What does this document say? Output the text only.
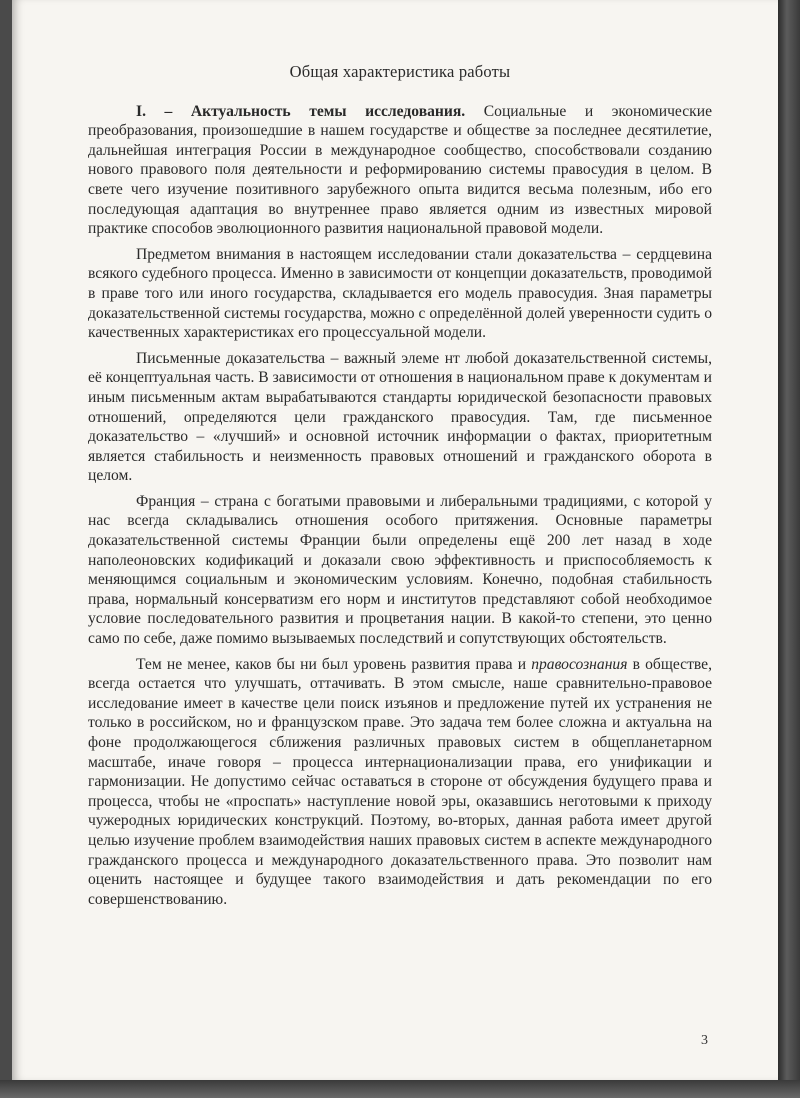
Общая характеристика работы

I. – Актуальность темы исследования. Социальные и экономические преобразования, произошедшие в нашем государстве и обществе за последнее десятилетие, дальнейшая интеграция России в международное сообщество, способствовали созданию нового правового поля деятельности и реформированию системы правосудия в целом. В свете чего изучение позитивного зарубежного опыта видится весьма полезным, ибо его последующая адаптация во внутреннее право является одним из известных мировой практике способов эволюционного развития национальной правовой модели.

Предметом внимания в настоящем исследовании стали доказательства – сердцевина всякого судебного процесса. Именно в зависимости от концепции доказательств, проводимой в праве того или иного государства, складывается его модель правосудия. Зная параметры доказательственной системы государства, можно с определённой долей уверенности судить о качественных характеристиках его процессуальной модели.

Письменные доказательства – важный элеме нт любой доказательственной системы, её концептуальная часть. В зависимости от отношения в национальном праве к документам и иным письменным актам вырабатываются стандарты юридической безопасности правовых отношений, определяются цели гражданского правосудия. Там, где письменное доказательство – «лучший» и основной источник информации о фактах, приоритетным является стабильность и неизменность правовых отношений и гражданского оборота в целом.

Франция – страна с богатыми правовыми и либеральными традициями, с которой у нас всегда складывались отношения особого притяжения. Основные параметры доказательственной системы Франции были определены ещё 200 лет назад в ходе наполеоновских кодификаций и доказали свою эффективность и приспособляемость к меняющимся социальным и экономическим условиям. Конечно, подобная стабильность права, нормальный консерватизм его норм и институтов представляют собой необходимое условие последовательного развития и процветания нации. В какой-то степени, это ценно само по себе, даже помимо вызываемых последствий и сопутствующих обстоятельств.

Тем не менее, каков бы ни был уровень развития права и правосознания в обществе, всегда остается что улучшать, оттачивать. В этом смысле, наше сравнительно-правовое исследование имеет в качестве цели поиск изъянов и предложение путей их устранения не только в российском, но и французском праве. Это задача тем более сложна и актуальна на фоне продолжающегося сближения различных правовых систем в общепланетарном масштабе, иначе говоря – процесса интернационализации права, его унификации и гармонизации. Не допустимо сейчас оставаться в стороне от обсуждения будущего права и процесса, чтобы не «проспать» наступление новой эры, оказавшись неготовыми к приходу чужеродных юридических конструкций. Поэтому, во-вторых, данная работа имеет другой целью изучение проблем взаимодействия наших правовых систем в аспекте международного гражданского процесса и международного доказательственного права. Это позволит нам оценить настоящее и будущее такого взаимодействия и дать рекомендации по его совершенствованию.

3
